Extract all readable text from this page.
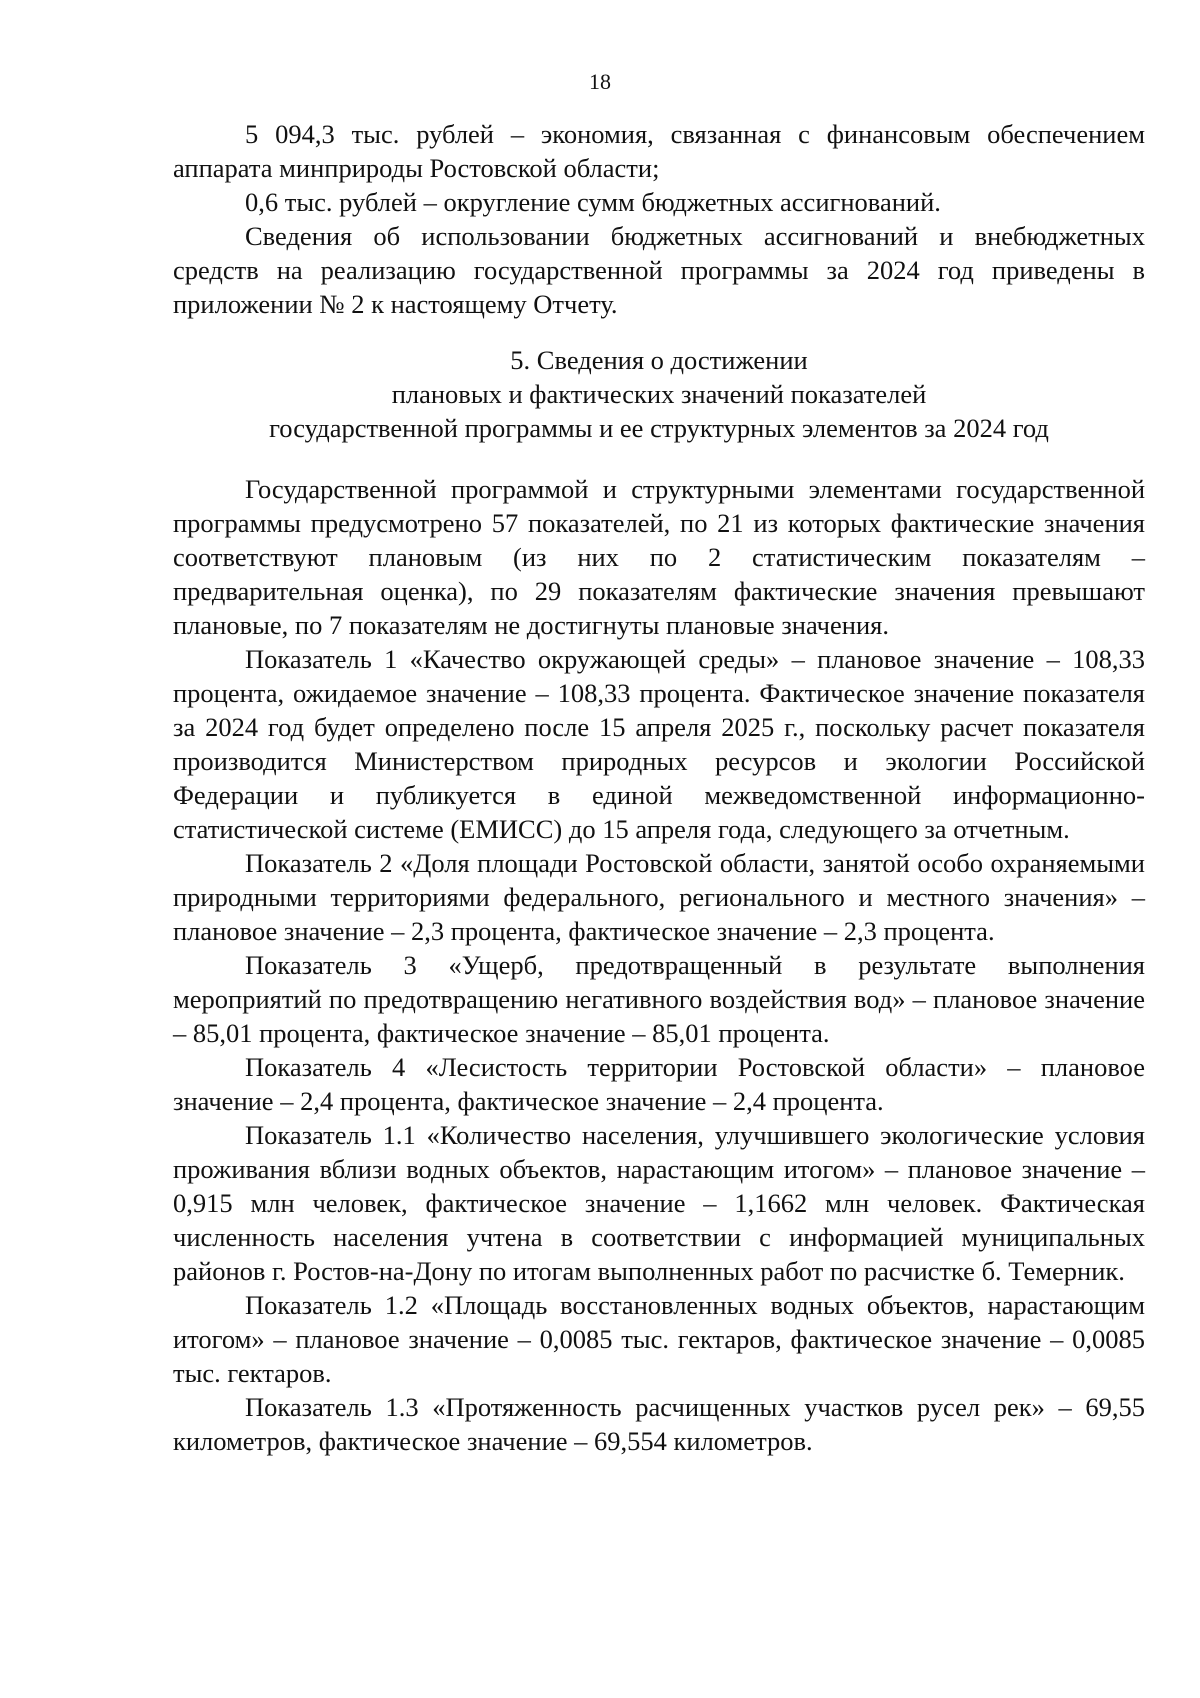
18

5 094,3 тыс. рублей – экономия, связанная с финансовым обеспечением аппарата минприроды Ростовской области;

0,6 тыс. рублей – округление сумм бюджетных ассигнований.

Сведения об использовании бюджетных ассигнований и внебюджетных средств на реализацию государственной программы за 2024 год приведены в приложении № 2 к настоящему Отчету.

5. Сведения о достижении
плановых и фактических значений показателей
государственной программы и ее структурных элементов за 2024 год

Государственной программой и структурными элементами государственной программы предусмотрено 57 показателей, по 21 из которых фактические значения соответствуют плановым (из них по 2 статистическим показателям – предварительная оценка), по 29 показателям фактические значения превышают плановые, по 7 показателям не достигнуты плановые значения.

Показатель 1 «Качество окружающей среды» – плановое значение – 108,33 процента, ожидаемое значение – 108,33 процента. Фактическое значение показателя за 2024 год будет определено после 15 апреля 2025 г., поскольку расчет показателя производится Министерством природных ресурсов и экологии Российской Федерации и публикуется в единой межведомственной информационно-статистической системе (ЕМИСС) до 15 апреля года, следующего за отчетным.

Показатель 2 «Доля площади Ростовской области, занятой особо охраняемыми природными территориями федерального, регионального и местного значения» – плановое значение – 2,3 процента, фактическое значение – 2,3 процента.

Показатель 3 «Ущерб, предотвращенный в результате выполнения мероприятий по предотвращению негативного воздействия вод» – плановое значение – 85,01 процента, фактическое значение – 85,01 процента.

Показатель 4 «Лесистость территории Ростовской области» – плановое значение – 2,4 процента, фактическое значение – 2,4 процента.

Показатель 1.1 «Количество населения, улучшившего экологические условия проживания вблизи водных объектов, нарастающим итогом» – плановое значение – 0,915 млн человек, фактическое значение – 1,1662 млн человек. Фактическая численность населения учтена в соответствии с информацией муниципальных районов г. Ростов-на-Дону по итогам выполненных работ по расчистке б. Темерник.

Показатель 1.2 «Площадь восстановленных водных объектов, нарастающим итогом» – плановое значение – 0,0085 тыс. гектаров, фактическое значение – 0,0085 тыс. гектаров.

Показатель 1.3 «Протяженность расчищенных участков русел рек» – 69,55 километров, фактическое значение – 69,554 километров.
